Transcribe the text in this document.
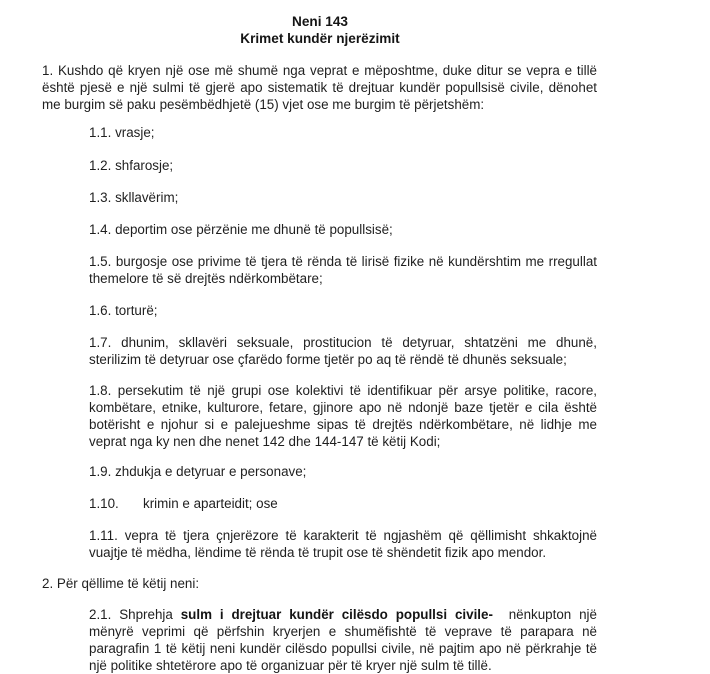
Neni 143
Krimet kundër njerëzimit
1. Kushdo që kryen një ose më shumë nga veprat e mëposhtme, duke ditur se vepra e tillë është pjesë e një sulmi të gjerë apo sistematik të drejtuar kundër popullsisë civile, dënohet me burgim së paku pesëmbëdhjetë (15) vjet ose me burgim të përjetshëm:
1.1. vrasje;
1.2. shfarosje;
1.3. skllavërim;
1.4. deportim ose përzënie me dhunë të popullsisë;
1.5. burgosje ose privime të tjera të rënda të lirisë fizike në kundërshtim me rregullat themelore të së drejtës ndërkombëtare;
1.6. torturë;
1.7. dhunim, skllavëri seksuale, prostitucion të detyruar, shtatzëni me dhunë, sterilizim të detyruar ose çfarëdo forme tjetër po aq të rëndë të dhunës seksuale;
1.8. persekutim të një grupi ose kolektivi të identifikuar për arsye politike, racore, kombëtare, etnike, kulturore, fetare, gjinore apo në ndonjë baze tjetër e cila është botërisht e njohur si e palejueshme sipas të drejtës ndërkombëtare, në lidhje me veprat nga ky nen dhe nenet 142 dhe 144-147 të këtij Kodi;
1.9. zhdukja e detyruar e personave;
1.10. krimin e aparteidit; ose
1.11. vepra të tjera çnjerëzore të karakterit të ngjashëm që qëllimisht shkaktojnë vuajtje të mëdha, lëndime të rënda të trupit ose të shëndetit fizik apo mendor.
2. Për qëllime të këtij neni:
2.1. Shprehja sulm i drejtuar kundër cilësdo popullsi civile- nënkupton një mënyrë veprimi që përfshin kryerjen e shumëfishtë të veprave të parapara në paragrafin 1 të këtij neni kundër cilësdo popullsi civile, në pajtim apo në përkrahje të një politike shtetërore apo të organizuar për të kryer një sulm të tillë.
